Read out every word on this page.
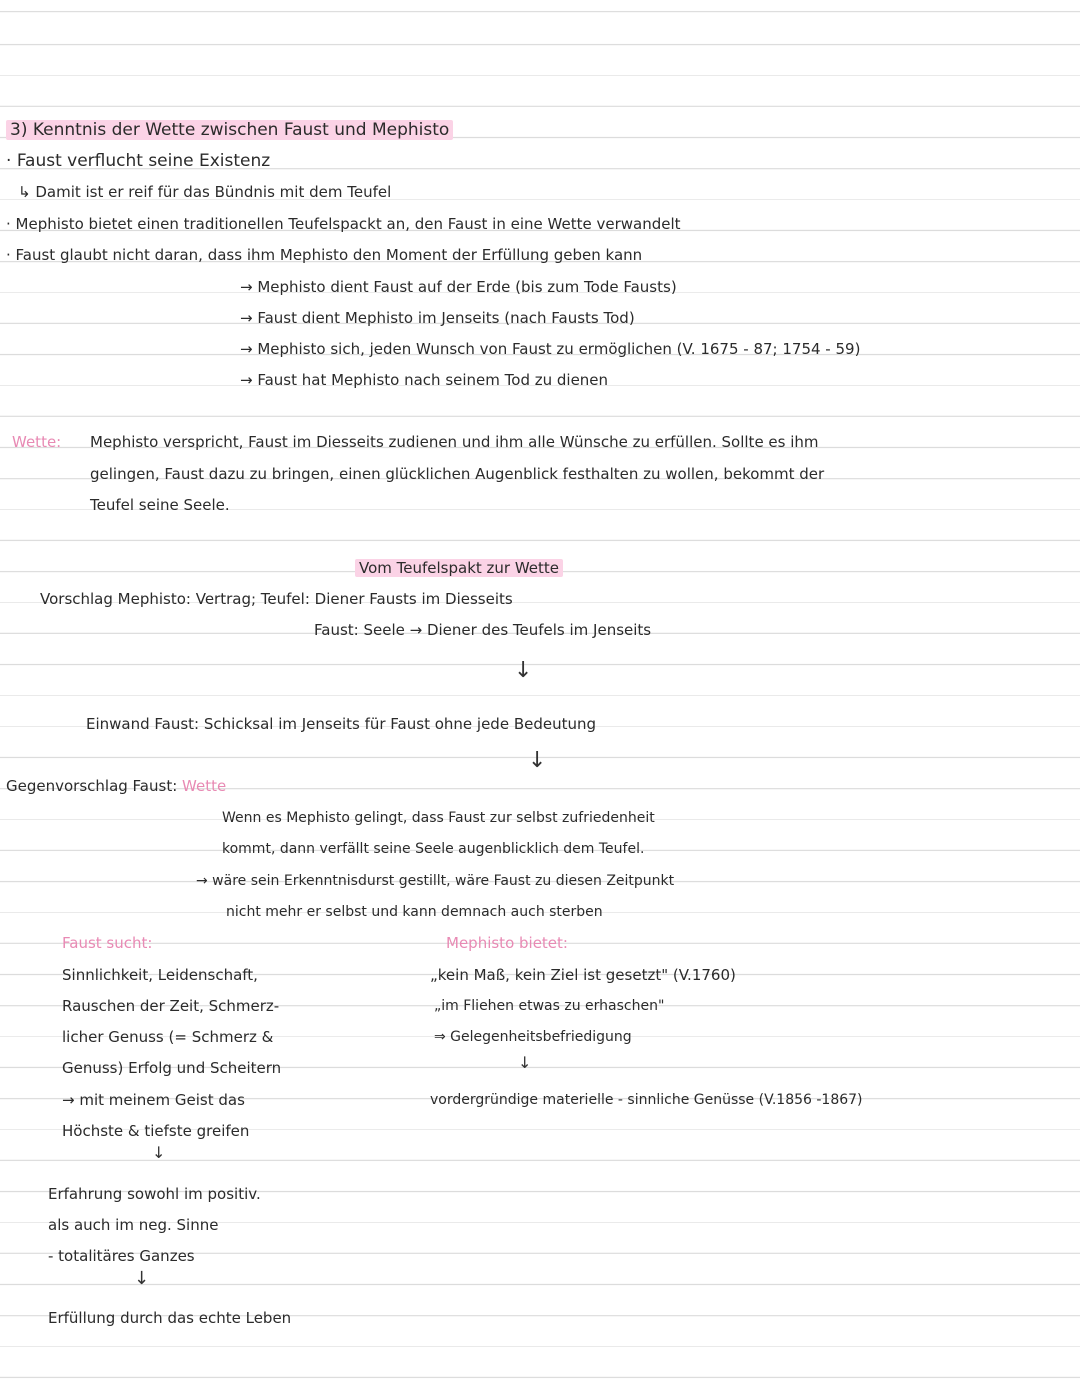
3) Kenntnis der Wette zwischen Faust und Mephisto
· Faust verflucht seine Existenz
↳ Damit ist er reif für das Bündnis mit dem Teufel
· Mephisto bietet einen traditionellen Teufelspackt an, den Faust in eine Wette verwandelt
· Faust glaubt nicht daran, dass ihm Mephisto den Moment der Erfüllung geben kann
→ Mephisto dient Faust auf der Erde (bis zum Tode Fausts)
→ Faust dient Mephisto im Jenseits (nach Fausts Tod)
→ Mephisto sich, jeden Wunsch von Faust zu ermöglichen (V. 1675 - 87; 1754 - 59)
→ Faust hat Mephisto nach seinem Tod zu dienen
Wette: Mephisto verspricht, Faust im Diesseits zudienen und ihm alle Wünsche zu erfüllen. Sollte es ihm
gelingen, Faust dazu zu bringen, einen glücklichen Augenblick festhalten zu wollen, bekommt der
Teufel seine Seele.
Vom Teufelspakt zur Wette
Vorschlag Mephisto: Vertrag; Teufel: Diener Fausts im Diesseits
Faust: Seele → Diener des Teufels im Jenseits
↓
Einwand Faust: Schicksal im Jenseits für Faust ohne jede Bedeutung
↓
Gegenvorschlag Faust: Wette
Wenn es Mephisto gelingt, dass Faust zur selbst zufriedenheit
kommt, dann verfällt seine Seele augenblicklich dem Teufel.
→ wäre sein Erkenntnisdurst gestillt, wäre Faust zu diesen Zeitpunkt
nicht mehr er selbst und kann demnach auch sterben
Faust sucht:
Sinnlichkeit, Leidenschaft,
Rauschen der Zeit, Schmerz-
licher Genuss (= Schmerz &
Genuss) Erfolg und Scheitern
→ mit meinem Geist das
Höchste & tiefste greifen
↓
Erfahrung sowohl im positiv.
als auch im neg. Sinne
- totalitäres Ganzes
↓
Erfüllung durch das echte Leben
Mephisto bietet:
„kein Maß, kein Ziel ist gesetzt" (V.1760)
„im Fliehen etwas zu erhaschen"
⇒ Gelegenheitsbefriedigung
↓
vordergründige materielle - sinnliche Genüsse (V.1856 -1867)
